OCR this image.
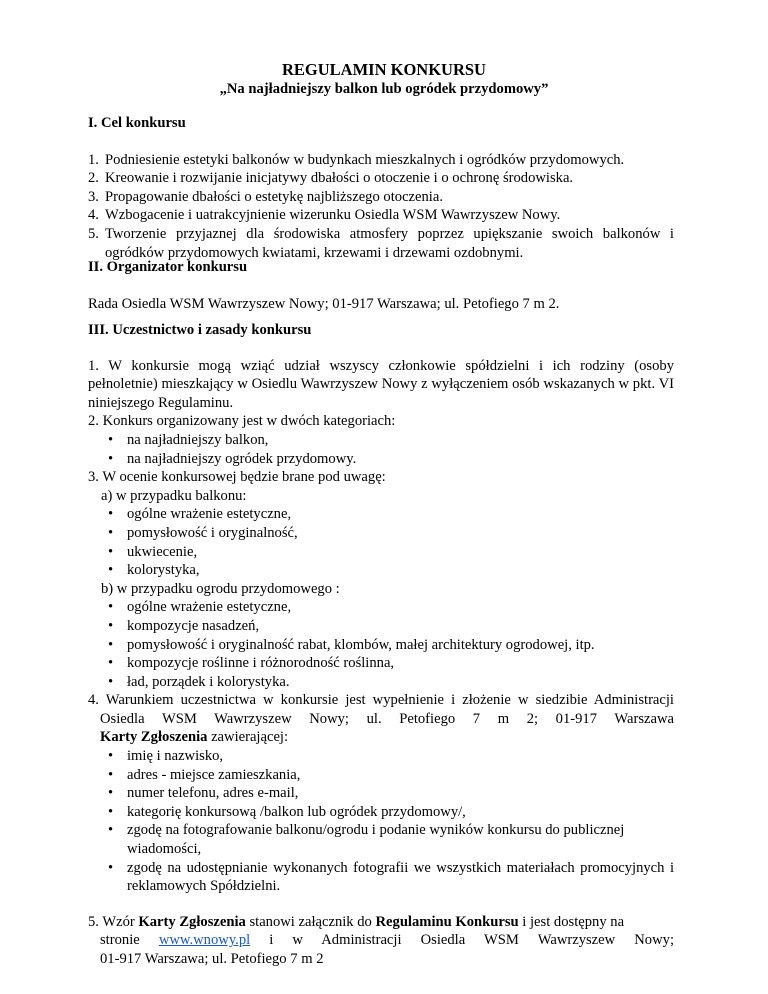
REGULAMIN KONKURSU
„Na najładniejszy balkon lub ogródek przydomowy”
I. Cel konkursu
1. Podniesienie estetyki balkonów w budynkach mieszkalnych i ogródków przydomowych.
2. Kreowanie i rozwijanie inicjatywy dbałości o otoczenie i o ochronę środowiska.
3. Propagowanie dbałości o estetykę najbliższego otoczenia.
4. Wzbogacenie i uatrakcyjnienie wizerunku Osiedla WSM Wawrzyszew Nowy.
5. Tworzenie przyjaznej dla środowiska atmosfery poprzez upiększanie swoich balkonów i ogródków przydomowych kwiatami, krzewami i drzewami ozdobnymi.
II. Organizator konkursu
Rada Osiedla WSM Wawrzyszew Nowy; 01-917 Warszawa; ul. Petofiego 7 m 2.
III. Uczestnictwo i zasady konkursu
1. W konkursie mogą wziąć udział wszyscy członkowie spółdzielni i ich rodziny (osoby pełnoletnie) mieszkający w Osiedlu Wawrzyszew Nowy z wyłączeniem osób wskazanych w pkt. VI niniejszego Regulaminu.
2. Konkurs organizowany jest w dwóch kategoriach:
• na najładniejszy balkon,
• na najładniejszy ogródek przydomowy.
3. W ocenie konkursowej będzie brane pod uwagę:
a) w przypadku balkonu:
• ogólne wrażenie estetyczne,
• pomysłowość i oryginalność,
• ukwiecenie,
• kolorystyka,
b) w przypadku ogrodu przydomowego :
• ogólne wrażenie estetyczne,
• kompozycje nasadzeń,
• pomysłowość i oryginalność rabat, klombów, małej architektury ogrodowej, itp.
• kompozycje roślinne i różnorodność roślinna,
• ład, porządek i kolorystyka.
4. Warunkiem uczestnictwa w konkursie jest wypełnienie i złożenie w siedzibie Administracji
Osiedla WSM Wawrzyszew Nowy; ul. Petofiego 7 m 2; 01-917 Warszawa
Karty Zgłoszenia zawierającej:
• imię i nazwisko,
• adres - miejsce zamieszkania,
• numer telefonu, adres e-mail,
• kategorię konkursową /balkon lub ogródek przydomowy/,
• zgodę na fotografowanie balkonu/ogrodu i podanie wyników konkursu do publicznej wiadomości,
• zgodę na udostępnianie wykonanych fotografii we wszystkich materiałach promocyjnych i reklamowych Spółdzielni.
5. Wzór Karty Zgłoszenia stanowi załącznik do Regulaminu Konkursu i jest dostępny na
stronie www.wnowy.pl i w Administracji Osiedla WSM Wawrzyszew Nowy;
01-917 Warszawa; ul. Petofiego 7 m 2
